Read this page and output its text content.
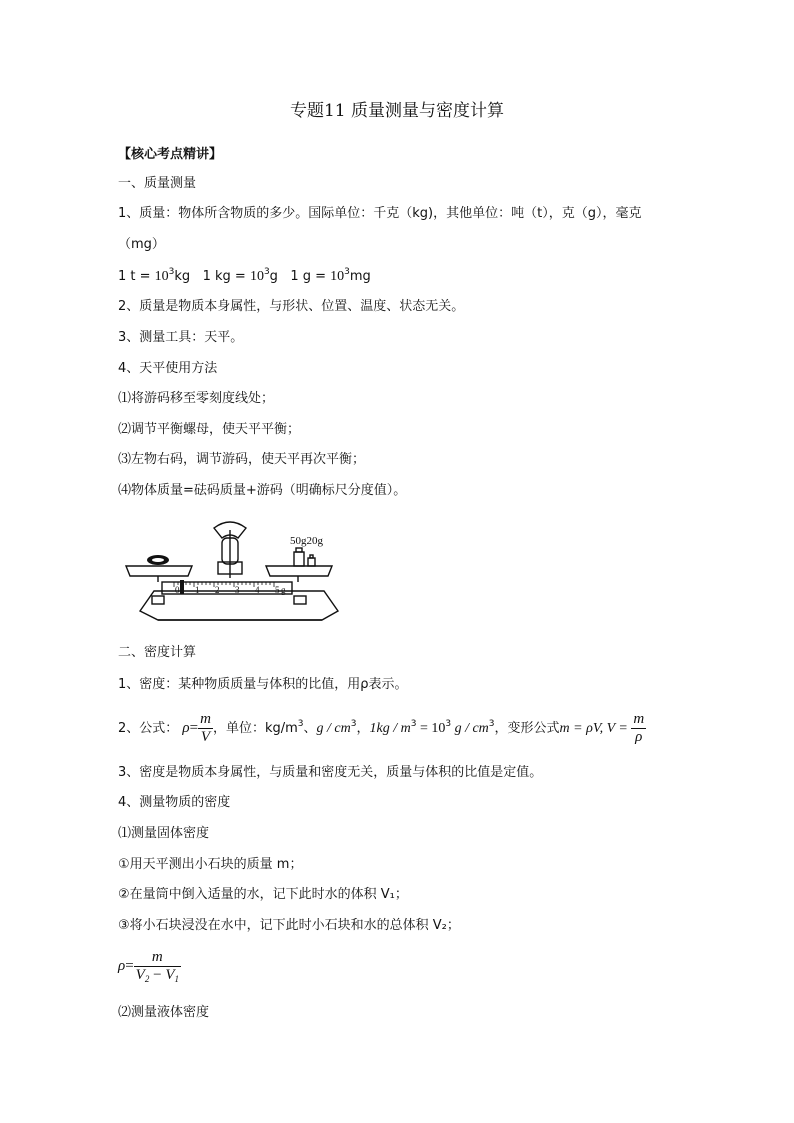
专题11 质量测量与密度计算
【核心考点精讲】
一、质量测量
1、质量：物体所含物质的多少。国际单位：千克（kg)，其他单位：吨（t），克（g），毫克
（mg）
1 $t = 10^3kg$ 1 kg = $10^3g$ 1 $g = 10^3mg$
2、质量是物质本身属性，与形状、位置、温度、状态无关。
3、测量工具：天平。
4、天平使用方法
⑴将游码移至零刻度线处；
⑵调节平衡螺母，使天平平衡；
⑶左物右码，调节游码，使天平再次平衡；
⑷物体质量=砝码质量+游码（明确标尺分度值）。
0 1 2 3 4 5 g
50g20g
二、密度计算
1、密度：某种物质质量与体积的比值，用ρ表示。
2、公式： $\rho= \frac{m}{V}$ ，单位：$kg/m^3$、g / $cm^3$，$1kg / m^3 = 10^3$ g / $cm^3$，变形公式m = ρV, $V = \frac{m}{\rho}$
3、密度是物质本身属性，与质量和密度无关，质量与体积的比值是定值。
4、测量物质的密度
⑴测量固体密度
①用天平测出小石块的质量 m；
②在量筒中倒入适量的水，记下此时水的体积 V₁；
③将小石块浸没在水中，记下此时小石块和水的总体积 V₂；
$\rho= \frac{m}{V_2 - V_1}$
⑵测量液体密度
